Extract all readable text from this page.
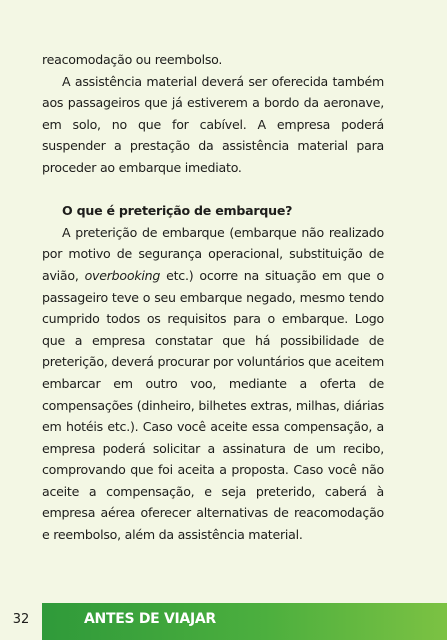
reacomodação ou reembolso.

A assistência material deverá ser oferecida também aos passageiros que já estiverem a bordo da aeronave, em solo, no que for cabível. A empresa poderá suspender a prestação da assistência material para proceder ao embarque imediato.

O que é preterição de embarque?

A preterição de embarque (embarque não realizado por motivo de segurança operacional, substituição de avião, overbooking etc.) ocorre na situação em que o passageiro teve o seu embarque negado, mesmo tendo cumprido todos os requisitos para o embarque. Logo que a empresa constatar que há possibilidade de preterição, deverá procurar por voluntários que aceitem embarcar em outro voo, mediante a oferta de compensações (dinheiro, bilhetes extras, milhas, diárias em hotéis etc.). Caso você aceite essa compensação, a empresa poderá solicitar a assinatura de um recibo, comprovando que foi aceita a proposta. Caso você não aceite a compensação, e seja preterido, caberá à empresa aérea oferecer alternativas de reacomodação e reembolso, além da assistência material.

32	ANTES DE VIAJAR
